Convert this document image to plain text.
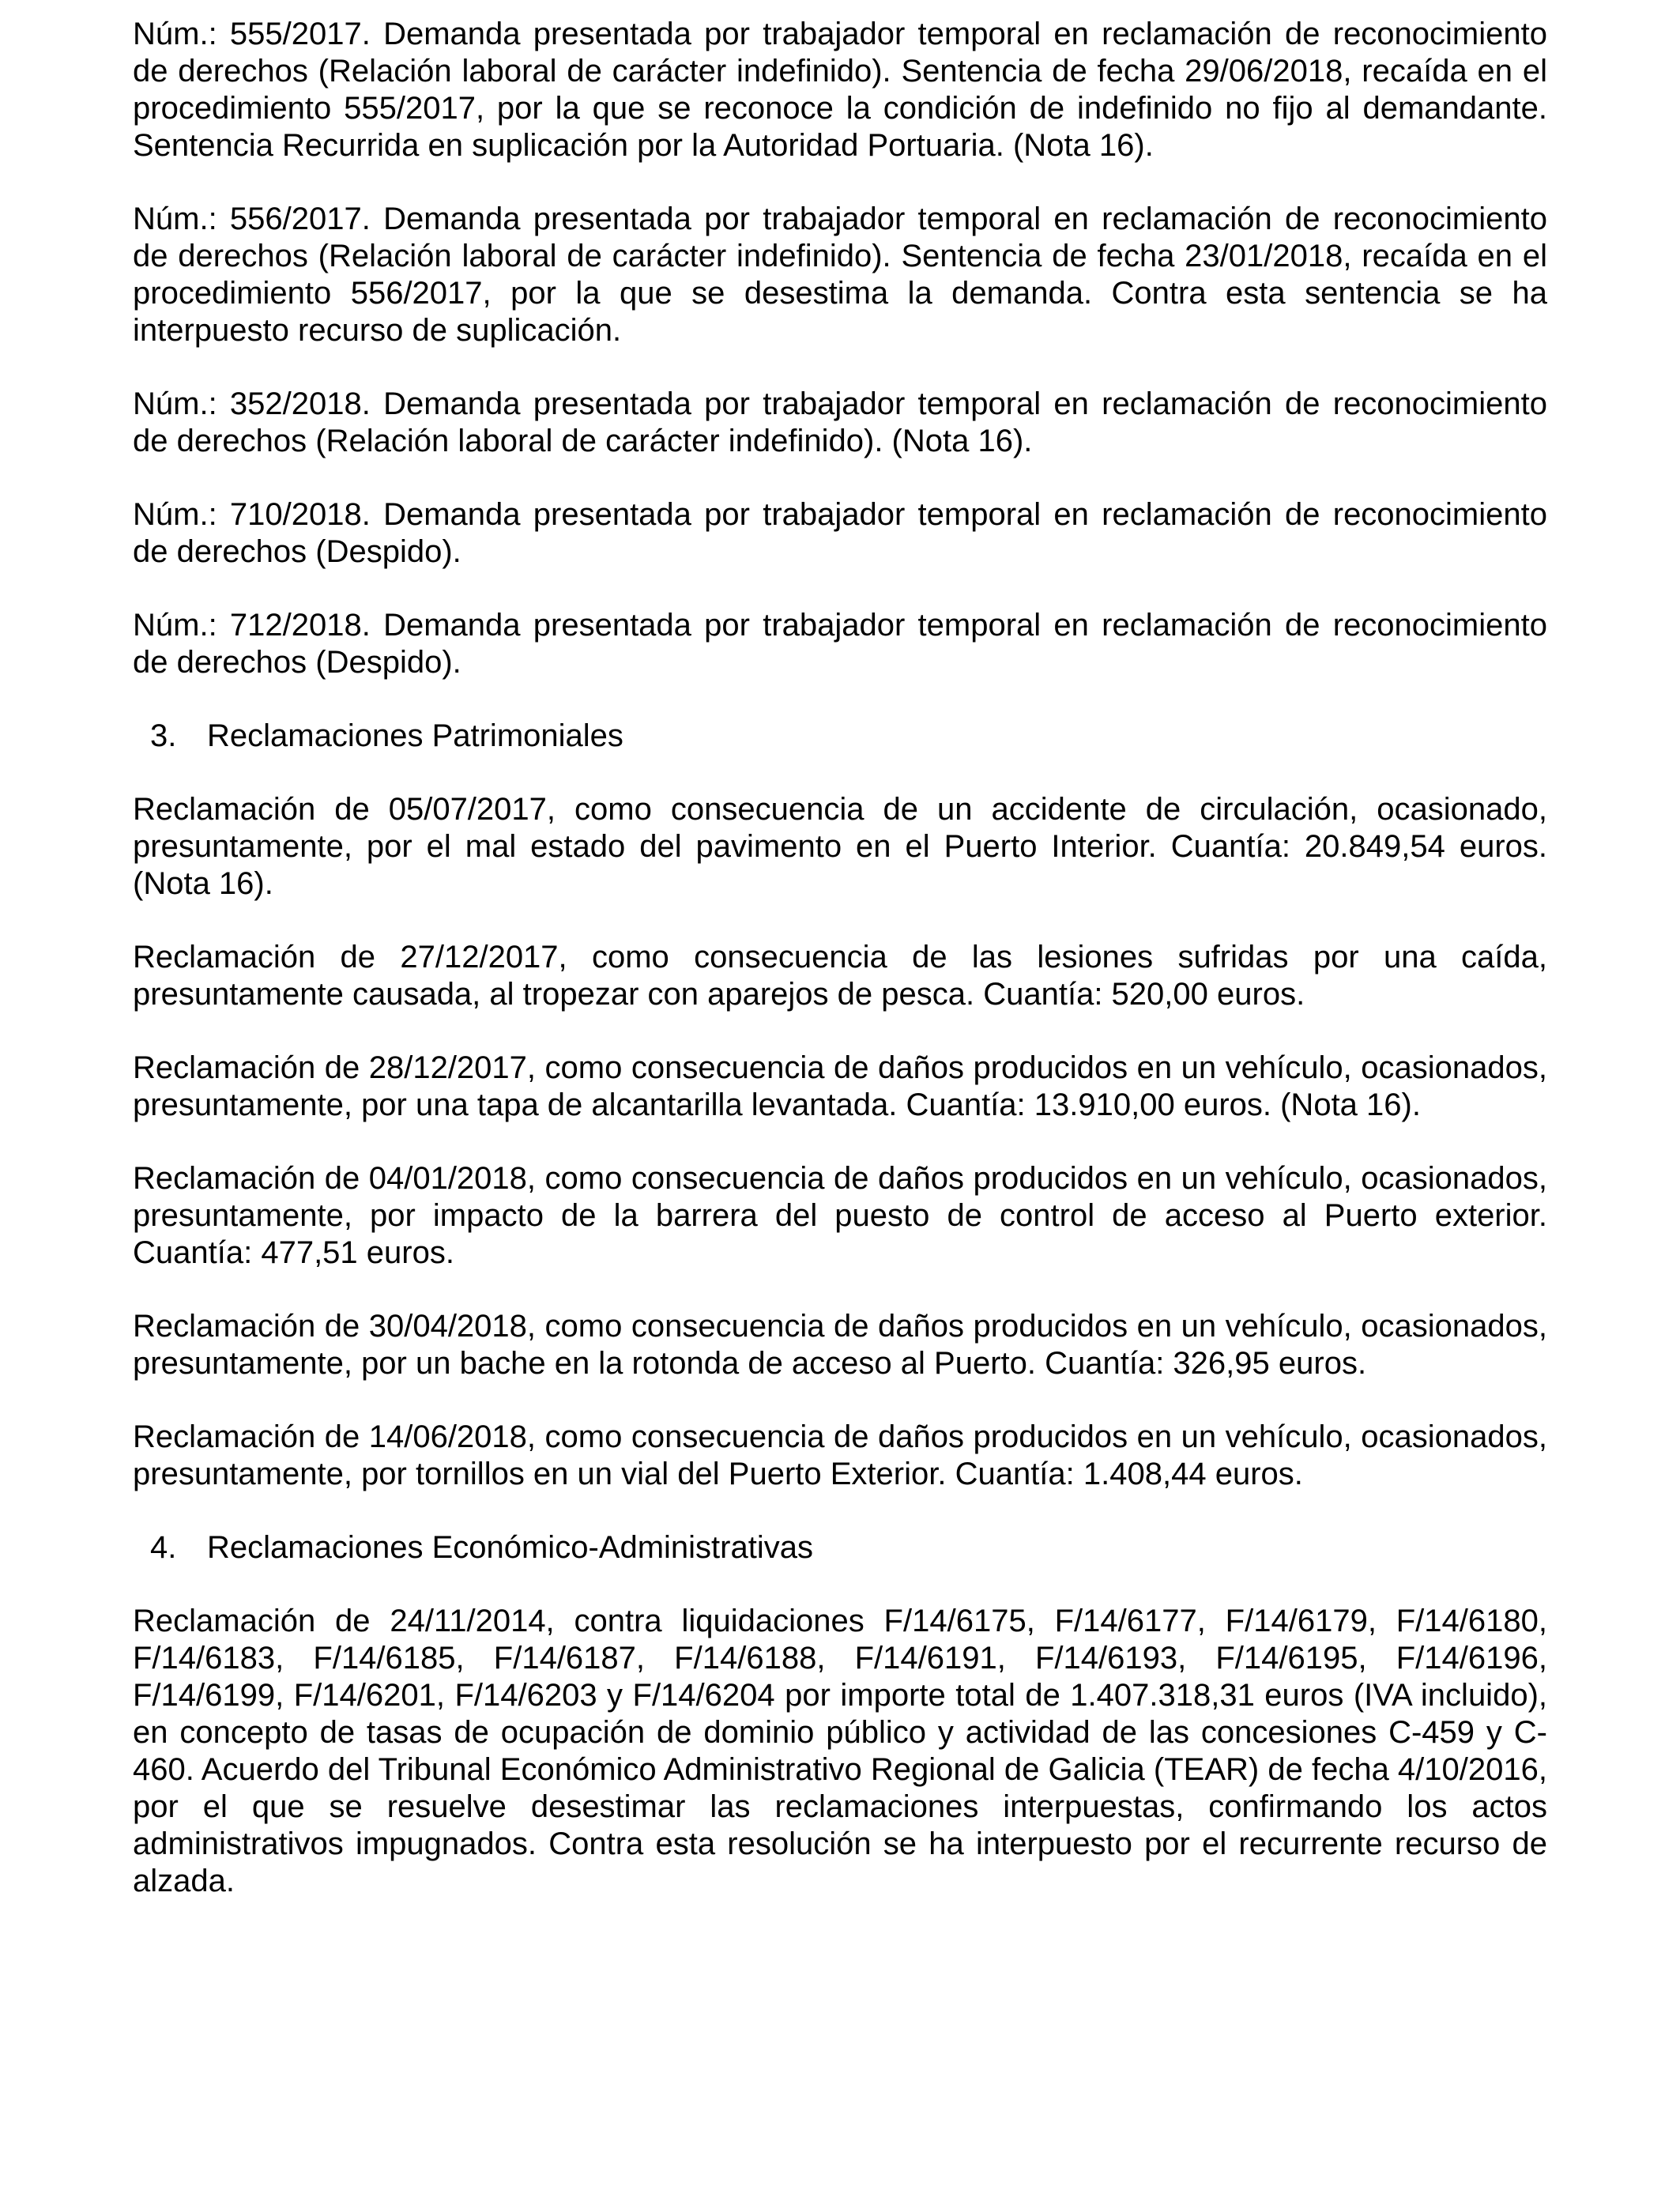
Núm.: 555/2017. Demanda presentada por trabajador temporal en reclamación de reconocimiento de derechos (Relación laboral de carácter indefinido). Sentencia de fecha 29/06/2018, recaída en el procedimiento 555/2017, por la que se reconoce la condición de indefinido no fijo al demandante. Sentencia Recurrida en suplicación por la Autoridad Portuaria. (Nota 16).

Núm.: 556/2017. Demanda presentada por trabajador temporal en reclamación de reconocimiento de derechos (Relación laboral de carácter indefinido). Sentencia de fecha 23/01/2018, recaída en el procedimiento 556/2017, por la que se desestima la demanda. Contra esta sentencia se ha interpuesto recurso de suplicación.

Núm.: 352/2018. Demanda presentada por trabajador temporal en reclamación de reconocimiento de derechos (Relación laboral de carácter indefinido). (Nota 16).

Núm.: 710/2018. Demanda presentada por trabajador temporal en reclamación de reconocimiento de derechos (Despido).

Núm.: 712/2018. Demanda presentada por trabajador temporal en reclamación de reconocimiento de derechos (Despido).

3. Reclamaciones Patrimoniales

Reclamación de 05/07/2017, como consecuencia de un accidente de circulación, ocasionado, presuntamente, por el mal estado del pavimento en el Puerto Interior. Cuantía: 20.849,54 euros. (Nota 16).

Reclamación de 27/12/2017, como consecuencia de las lesiones sufridas por una caída, presuntamente causada, al tropezar con aparejos de pesca. Cuantía: 520,00 euros.

Reclamación de 28/12/2017, como consecuencia de daños producidos en un vehículo, ocasionados, presuntamente, por una tapa de alcantarilla levantada. Cuantía: 13.910,00 euros. (Nota 16).

Reclamación de 04/01/2018, como consecuencia de daños producidos en un vehículo, ocasionados, presuntamente, por impacto de la barrera del puesto de control de acceso al Puerto exterior. Cuantía: 477,51 euros.

Reclamación de 30/04/2018, como consecuencia de daños producidos en un vehículo, ocasionados, presuntamente, por un bache en la rotonda de acceso al Puerto. Cuantía: 326,95 euros.

Reclamación de 14/06/2018, como consecuencia de daños producidos en un vehículo, ocasionados, presuntamente, por tornillos en un vial del Puerto Exterior. Cuantía: 1.408,44 euros.

4. Reclamaciones Económico-Administrativas

Reclamación de 24/11/2014, contra liquidaciones F/14/6175, F/14/6177, F/14/6179, F/14/6180, F/14/6183, F/14/6185, F/14/6187, F/14/6188, F/14/6191, F/14/6193, F/14/6195, F/14/6196, F/14/6199, F/14/6201, F/14/6203 y F/14/6204 por importe total de 1.407.318,31 euros (IVA incluido), en concepto de tasas de ocupación de dominio público y actividad de las concesiones C-459 y C-460. Acuerdo del Tribunal Económico Administrativo Regional de Galicia (TEAR) de fecha 4/10/2016, por el que se resuelve desestimar las reclamaciones interpuestas, confirmando los actos administrativos impugnados. Contra esta resolución se ha interpuesto por el recurrente recurso de alzada.
